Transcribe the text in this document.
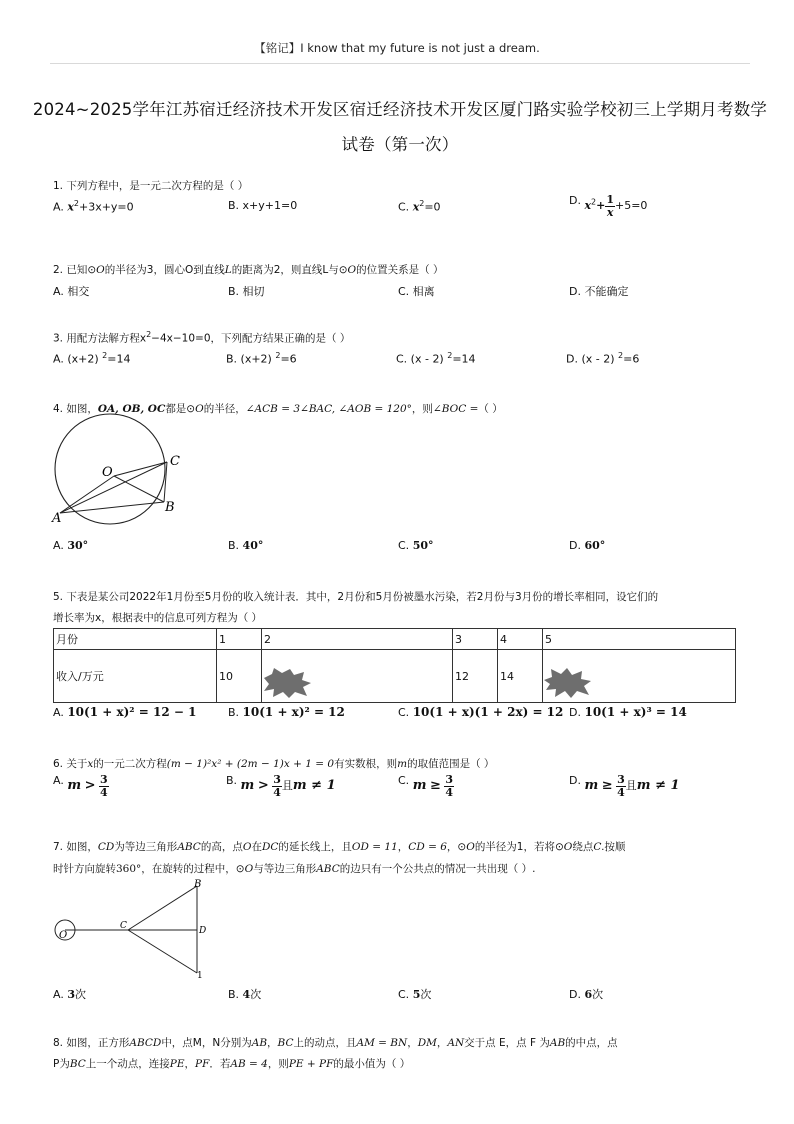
【铭记】I know that my future is not just a dream.
2024~2025学年江苏宿迁经济技术开发区宿迁经济技术开发区厦门路实验学校初三上学期月考数学
试卷（第一次）
1. 下列方程中，是一元二次方程的是（ ）
A. $x^2+3x+y=0$	B. x+y+1=0	C. $x^2=0$
D. $x^2+ \frac{1}{x} +5=0$
2. 已知⊙O的半径为3，圆心O到直线L的距离为2，则直线L与⊙O的位置关系是（ ）
A. 相交	B. 相切	C. 相离	D. 不能确定
3. 用配方法解方程$x^2-4x-10=0$，下列配方结果正确的是（ ）
A. (x+2) $^2$=14	B. (x+2) $^2$=6	C. (x - 2) $^2$=14	D. (x - 2) $^2$=6
4. 如图，OA, OB, OC都是⊙O的半径，∠ACB = 3∠BAC, ∠AOB = 120°，则∠BOC =（ ）
O
C
B
A
A. 30°	B. 40°	C. 50°	D. 60°
5. 下表是某公司2022年1月份至5月份的收入统计表．其中，2月份和5月份被墨水污染，若2月份与3月份的增长率相同，设它们的
增长率为x，根据表中的信息可列方程为（ ）
月份	1	2	3	4	5
收入/万元	10		12	14	
A. 10(1 + x)² = 12 − 1	B. 10(1 + x)² = 12	C. 10(1 + x)(1 + 2x) = 12 D. 10(1 + x)³ = 14
6. 关于x的一元二次方程(m − 1)²x² + (2m − 1)x + 1 = 0有实数根，则m的取值范围是（ ）
A. $m > \frac{3}{4}$	B. $m > \frac{3}{4}$ 且m ≠ 1	C. $m \ge \frac{3}{4}$	D. $m \ge \frac{3}{4}$ 且m ≠ 1
7. 如图，CD为等边三角形ABC的高，点O在DC的延长线上，且OD = 11，CD = 6，⊙O的半径为1，若将⊙O绕点C.按顺
时针方向旋转360°，在旋转的过程中，⊙O与等边三角形ABC的边只有一个公共点的情况一共出现（ ）.
O
C
B
D
1
A. 3次	B. 4次	C. 5次	D. 6次
8. 如图，正方形ABCD中，点M，N分别为AB，BC上的动点，且AM = BN，DM，AN交于点 E，点 F 为AB的中点，点
P为BC上一个动点，连接PE，PF．若AB = 4，则PE + PF的最小值为（ ）
